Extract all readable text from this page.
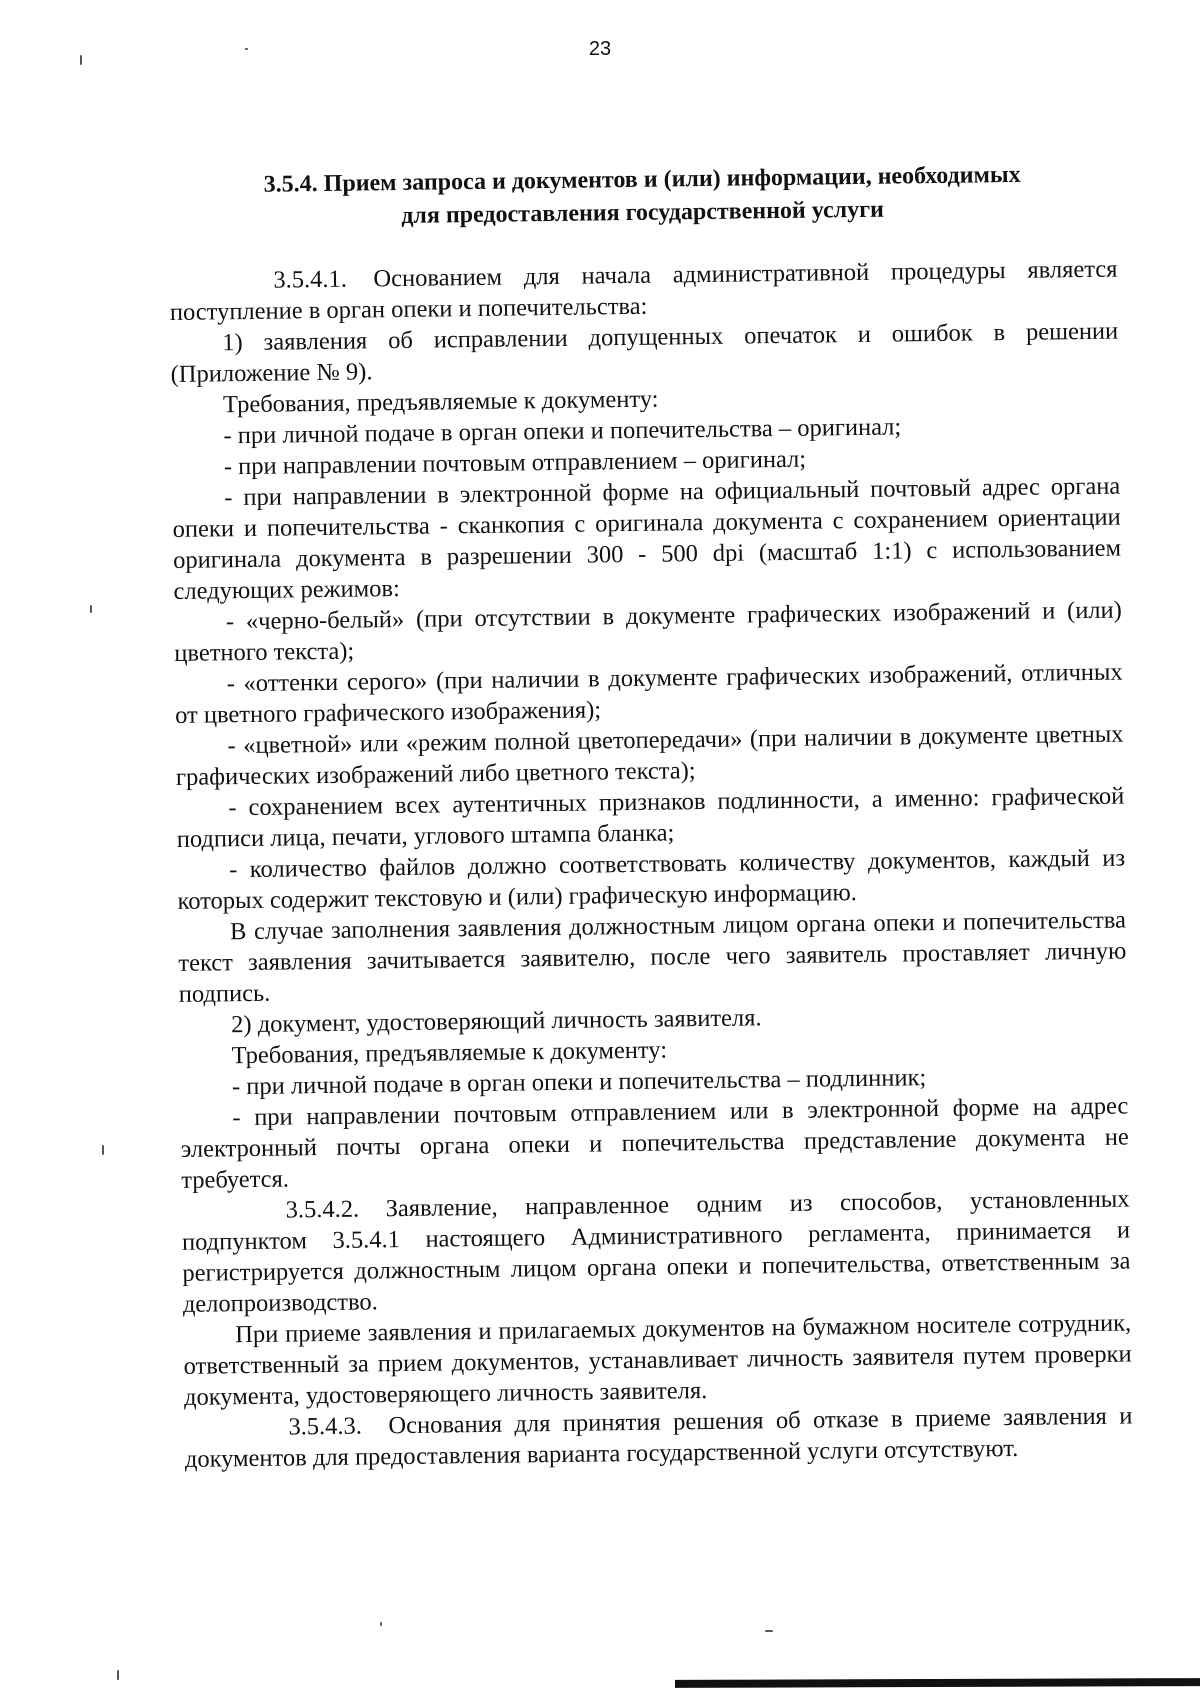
23
3.5.4. Прием запроса и документов и (или) информации, необходимых
для предоставления государственной услуги

3.5.4.1. Основанием для начала административной процедуры является поступление в орган опеки и попечительства:

1) заявления об исправлении допущенных опечаток и ошибок в решении (Приложение № 9).

Требования, предъявляемые к документу:

- при личной подаче в орган опеки и попечительства – оригинал;

- при направлении почтовым отправлением – оригинал;

- при направлении в электронной форме на официальный почтовый адрес органа опеки и попечительства - сканкопия с оригинала документа с сохранением ориентации оригинала документа в разрешении 300 - 500 dpi (масштаб 1:1) с использованием следующих режимов:

- «черно-белый» (при отсутствии в документе графических изображений и (или) цветного текста);

- «оттенки серого» (при наличии в документе графических изображений, отличных от цветного графического изображения);

- «цветной» или «режим полной цветопередачи» (при наличии в документе цветных графических изображений либо цветного текста);

- сохранением всех аутентичных признаков подлинности, а именно: графической подписи лица, печати, углового штампа бланка;

- количество файлов должно соответствовать количеству документов, каждый из которых содержит текстовую и (или) графическую информацию.

В случае заполнения заявления должностным лицом органа опеки и попечительства текст заявления зачитывается заявителю, после чего заявитель проставляет личную подпись.

2) документ, удостоверяющий личность заявителя.

Требования, предъявляемые к документу:

- при личной подаче в орган опеки и попечительства – подлинник;

- при направлении почтовым отправлением или в электронной форме на адрес электронный почты органа опеки и попечительства представление документа не требуется.

3.5.4.2. Заявление, направленное одним из способов, установленных подпунктом 3.5.4.1 настоящего Административного регламента, принимается и регистрируется должностным лицом органа опеки и попечительства, ответственным за делопроизводство.

При приеме заявления и прилагаемых документов на бумажном носителе сотрудник, ответственный за прием документов, устанавливает личность заявителя путем проверки документа, удостоверяющего личность заявителя.

3.5.4.3. Основания для принятия решения об отказе в приеме заявления и документов для предоставления варианта государственной услуги отсутствуют.
